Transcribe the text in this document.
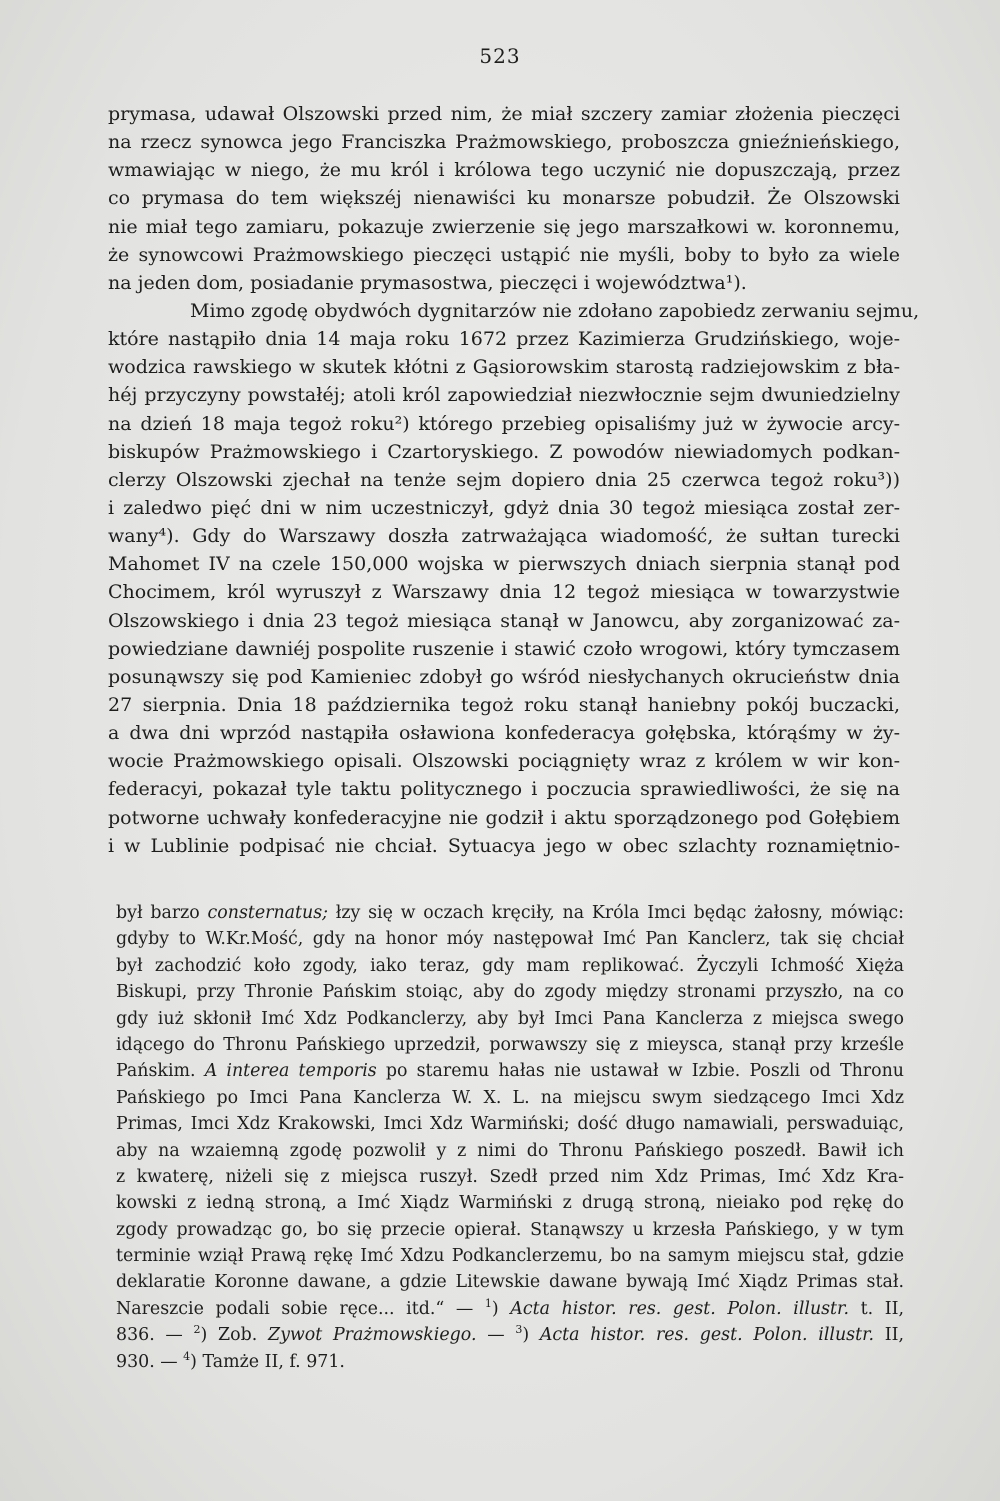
523
prymasa, udawał Olszowski przed nim, że miał szczery zamiar złożenia pieczęci
na rzecz synowca jego Franciszka Prażmowskiego, proboszcza gnieźnieńskiego,
wmawiając w niego, że mu król i królowa tego uczynić nie dopuszczają, przez
co prymasa do tem większéj nienawiści ku monarsze pobudził. Że Olszowski
nie miał tego zamiaru, pokazuje zwierzenie się jego marszałkowi w. koronnemu,
że synowcowi Prażmowskiego pieczęci ustąpić nie myśli, boby to było za wiele
na jeden dom, posiadanie prymasostwa, pieczęci i województwa¹).
Mimo zgodę obydwóch dygnitarzów nie zdołano zapobiedz zerwaniu sejmu,
które nastąpiło dnia 14 maja roku 1672 przez Kazimierza Grudzińskiego, woje-
wodzica rawskiego w skutek kłótni z Gąsiorowskim starostą radziejowskim z bła-
héj przyczyny powstałéj; atoli król zapowiedział niezwłocznie sejm dwuniedzielny
na dzień 18 maja tegoż roku²) którego przebieg opisaliśmy już w żywocie arcy-
biskupów Prażmowskiego i Czartoryskiego. Z powodów niewiadomych podkan-
clerzy Olszowski zjechał na tenże sejm dopiero dnia 25 czerwca tegoż roku³))
i zaledwo pięć dni w nim uczestniczył, gdyż dnia 30 tegoż miesiąca został zer-
wany⁴). Gdy do Warszawy doszła zatrważająca wiadomość, że sułtan turecki
Mahomet IV na czele 150,000 wojska w pierwszych dniach sierpnia stanął pod
Chocimem, król wyruszył z Warszawy dnia 12 tegoż miesiąca w towarzystwie
Olszowskiego i dnia 23 tegoż miesiąca stanął w Janowcu, aby zorganizować za-
powiedziane dawniéj pospolite ruszenie i stawić czoło wrogowi, który tymczasem
posunąwszy się pod Kamieniec zdobył go wśród niesłychanych okrucieństw dnia
27 sierpnia. Dnia 18 października tegoż roku stanął haniebny pokój buczacki,
a dwa dni wprzód nastąpiła osławiona konfederacya gołębska, którąśmy w ży-
wocie Prażmowskiego opisali. Olszowski pociągnięty wraz z królem w wir kon-
federacyi, pokazał tyle taktu politycznego i poczucia sprawiedliwości, że się na
potworne uchwały konfederacyjne nie godził i aktu sporządzonego pod Gołębiem
i w Lublinie podpisać nie chciał. Sytuacya jego w obec szlachty roznamiętnio-
był barzo consternatus; łzy się w oczach kręciły, na Króla Imci będąc żałosny, mówiąc:
gdyby to W.Kr.Mość, gdy na honor móy następował Imć Pan Kanclerz, tak się chciał
był zachodzić koło zgody, iako teraz, gdy mam replikować. Życzyli Ichmość Xięża
Biskupi, przy Thronie Pańskim stoiąc, aby do zgody między stronami przyszło, na co
gdy iuż skłonił Imć Xdz Podkanclerzy, aby był Imci Pana Kanclerza z miejsca swego
idącego do Thronu Pańskiego uprzedził, porwawszy się z mieysca, stanął przy krześle
Pańskim. A interea temporis po staremu hałas nie ustawał w Izbie. Poszli od Thronu
Pańskiego po Imci Pana Kanclerza W. X. L. na miejscu swym siedzącego Imci Xdz
Primas, Imci Xdz Krakowski, Imci Xdz Warmiński; dość długo namawiali, perswaduiąc,
aby na wzaiemną zgodę pozwolił y z nimi do Thronu Pańskiego poszedł. Bawił ich
z kwaterę, niżeli się z miejsca ruszył. Szedł przed nim Xdz Primas, Imć Xdz Kra-
kowski z iedną stroną, a Imć Xiądz Warmiński z drugą stroną, nieiako pod rękę do
zgody prowadząc go, bo się przecie opierał. Stanąwszy u krzesła Pańskiego, y w tym
terminie wziął Prawą rękę Imć Xdzu Podkanclerzemu, bo na samym miejscu stał, gdzie
deklaratie Koronne dawane, a gdzie Litewskie dawane bywają Imć Xiądz Primas stał.
Nareszcie podali sobie ręce... itd.“ — $^1$) Acta histor. res. gest. Polon. illustr. t. II,
836. — $^2$) Zob. Zywot Prażmowskiego. — $^3$) Acta histor. res. gest. Polon. illustr. II,
930. — $^4$) Tamże II, f. 971.
